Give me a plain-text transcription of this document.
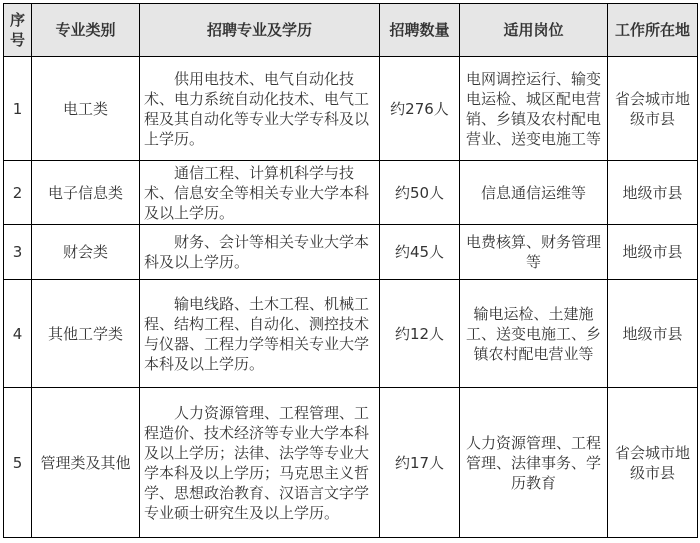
序号	专业类别	招聘专业及学历	招聘数量	适用岗位	工作所在地
1	电工类	供用电技术、电气自动化技术、电力系统自动化技术、电气工程及其自动化等专业大学专科及以上学历。	约276人	电网调控运行、输变电运检、城区配电营销、乡镇及农村配电营业、送变电施工等	省会城市地级市县
2	电子信息类	通信工程、计算机科学与技术、信息安全等相关专业大学本科及以上学历。	约50人	信息通信运维等	地级市县
3	财会类	财务、会计等相关专业大学本科及以上学历。	约45人	电费核算、财务管理等	地级市县
4	其他工学类	输电线路、土木工程、机械工程、结构工程、自动化、测控技术与仪器、工程力学等相关专业大学本科及以上学历。	约12人	输电运检、土建施工、送变电施工、乡镇农村配电营业等	地级市县
5	管理类及其他	人力资源管理、工程管理、工程造价、技术经济等专业大学本科及以上学历；法律、法学等专业大学本科及以上学历；马克思主义哲学、思想政治教育、汉语言文字学专业硕士研究生及以上学历。	约17人	人力资源管理、工程管理、法律事务、学历教育	省会城市地级市县
